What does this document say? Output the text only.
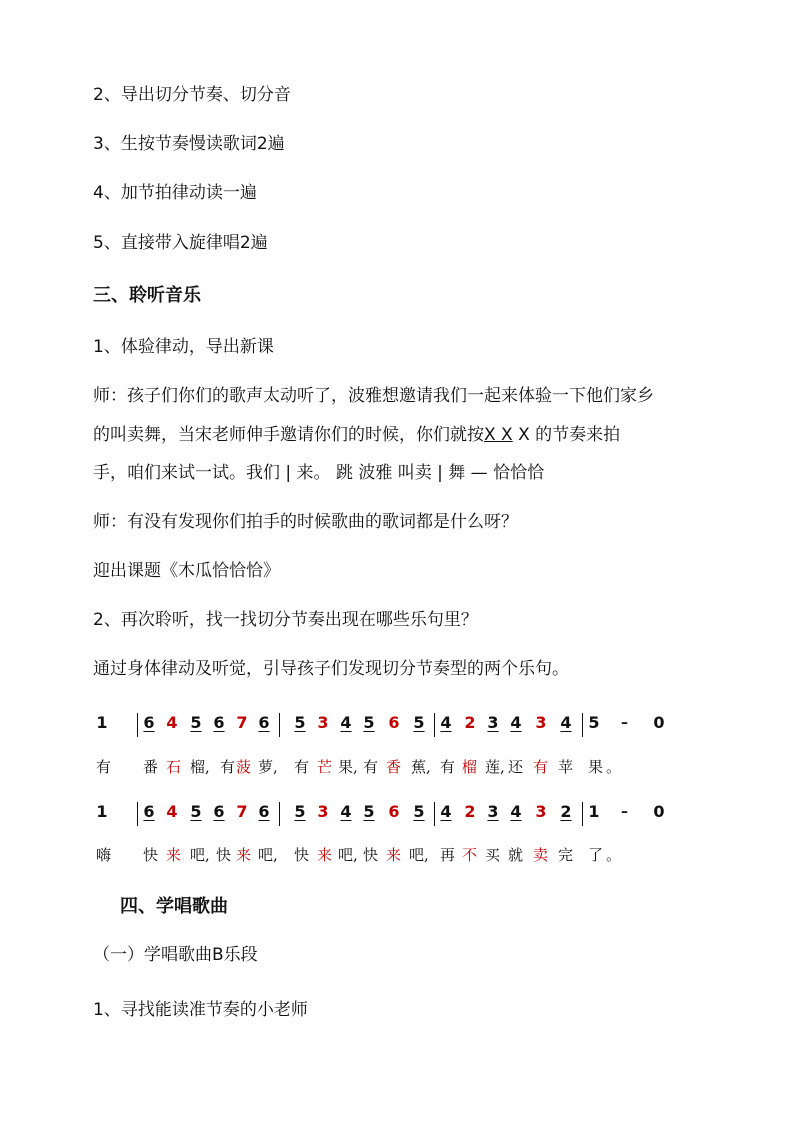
2、导出切分节奏、切分音
3、生按节奏慢读歌词2遍
4、加节拍律动读一遍
5、直接带入旋律唱2遍
三、聆听音乐
1、体验律动，导出新课
师：孩子们你们的歌声太动听了，波雅想邀请我们一起来体验一下他们家乡
的叫卖舞，当宋老师伸手邀请你们的时候，你们就按X X X 的节奏来拍
手，咱们来试一试。我们 | 来。 跳 波雅 叫卖 | 舞 — 恰恰恰
师：有没有发现你们拍手的时候歌曲的歌词都是什么呀？
迎出课题《木瓜恰恰恰》
2、再次聆听，找一找切分节奏出现在哪些乐句里？
通过身体律动及听觉，引导孩子们发现切分节奏型的两个乐句。
1 6 4 5 6 7 6 5 3 4 5 6 5 4 2 3 4 3 4 5 – 0
有 番 石 榴, 有 菠 萝, 有 芒 果, 有 香 蕉, 有 榴 莲, 还 有 苹 果 。
1 6 4 5 6 7 6 5 3 4 5 6 5 4 2 3 4 3 2 1 – 0
嗨 快 来 吧, 快 来 吧, 快 来 吧, 快 来 吧, 再 不 买 就 卖 完 了 。
四、学唱歌曲
（一）学唱歌曲B乐段
1、寻找能读准节奏的小老师
